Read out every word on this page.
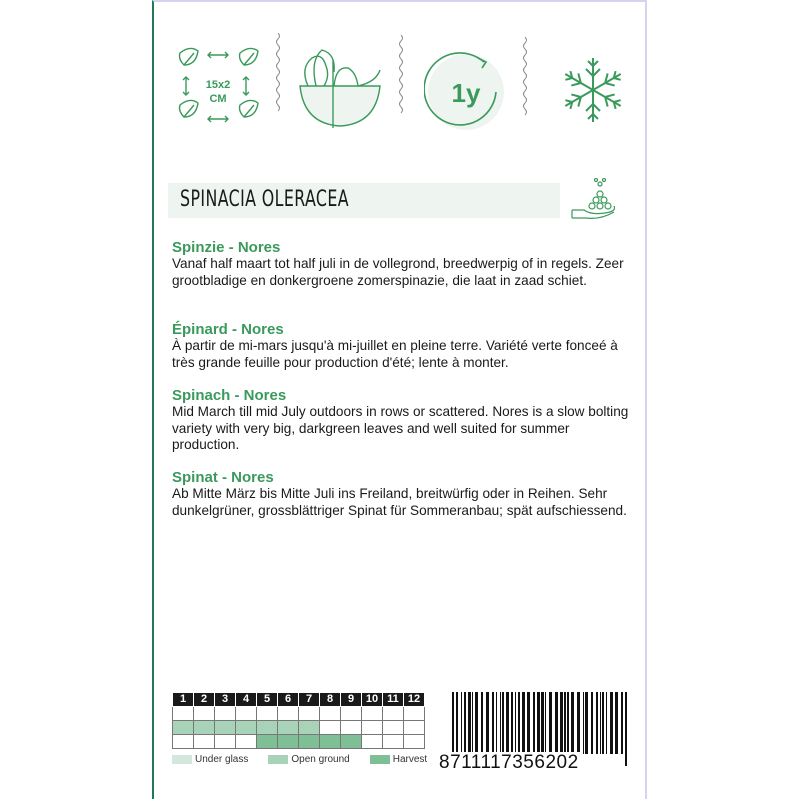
15x2
CM	1y
SPINACIA OLERACEA
Spinzie - Nores

Vanaf half maart tot half juli in de vollegrond, breedwerpig of in regels. Zeer grootbladige en donkergroene zomerspinazie, die laat in zaad schiet.

Épinard - Nores

À partir de mi-mars jusqu'à mi-juillet en pleine terre. Variété verte fonceé à très grande feuille pour production d'été; lente à monter.

Spinach - Nores

Mid March till mid July outdoors in rows or scattered. Nores is a slow bolting variety with very big, darkgreen leaves and well suited for summer production.

Spinat - Nores

Ab Mitte März bis Mitte Juli ins Freiland, breitwürfig oder in Reihen. Sehr dunkelgrüner, grossblättriger Spinat für Sommeranbau; spät aufschiessend.

1	2	3	4	5	6	7	8	9	10	11	12

Under glass	Open ground	Harvest 8711117356202
